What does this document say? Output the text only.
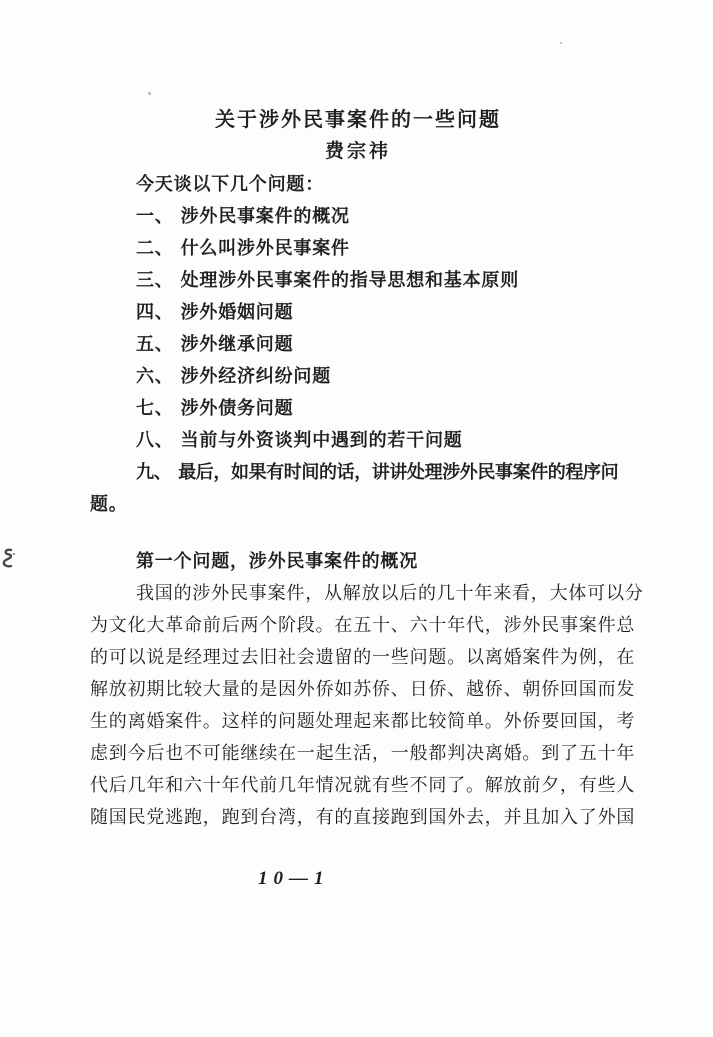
关于涉外民事案件的一些问题
费宗祎
今天谈以下几个问题：
一、 涉外民事案件的概况
二、 什么叫涉外民事案件
三、 处理涉外民事案件的指导思想和基本原则
四、 涉外婚姻问题
五、 涉外继承问题
六、 涉外经济纠纷问题
七、 涉外债务问题
八、 当前与外资谈判中遇到的若干问题
九、 最后，如果有时间的话，讲讲处理涉外民事案件的程序问
题。
第一个问题，涉外民事案件的概况
我国的涉外民事案件，从解放以后的几十年来看，大体可以分
为文化大革命前后两个阶段。在五十、六十年代，涉外民事案件总
的可以说是经理过去旧社会遗留的一些问题。以离婚案件为例，在
解放初期比较大量的是因外侨如苏侨、日侨、越侨、朝侨回国而发
生的离婚案件。这样的问题处理起来都比较简单。外侨要回国，考
虑到今后也不可能继续在一起生活，一般都判决离婚。到了五十年
代后几年和六十年代前几年情况就有些不同了。解放前夕，有些人
随国民党逃跑，跑到台湾，有的直接跑到国外去，并且加入了外国
10—1
